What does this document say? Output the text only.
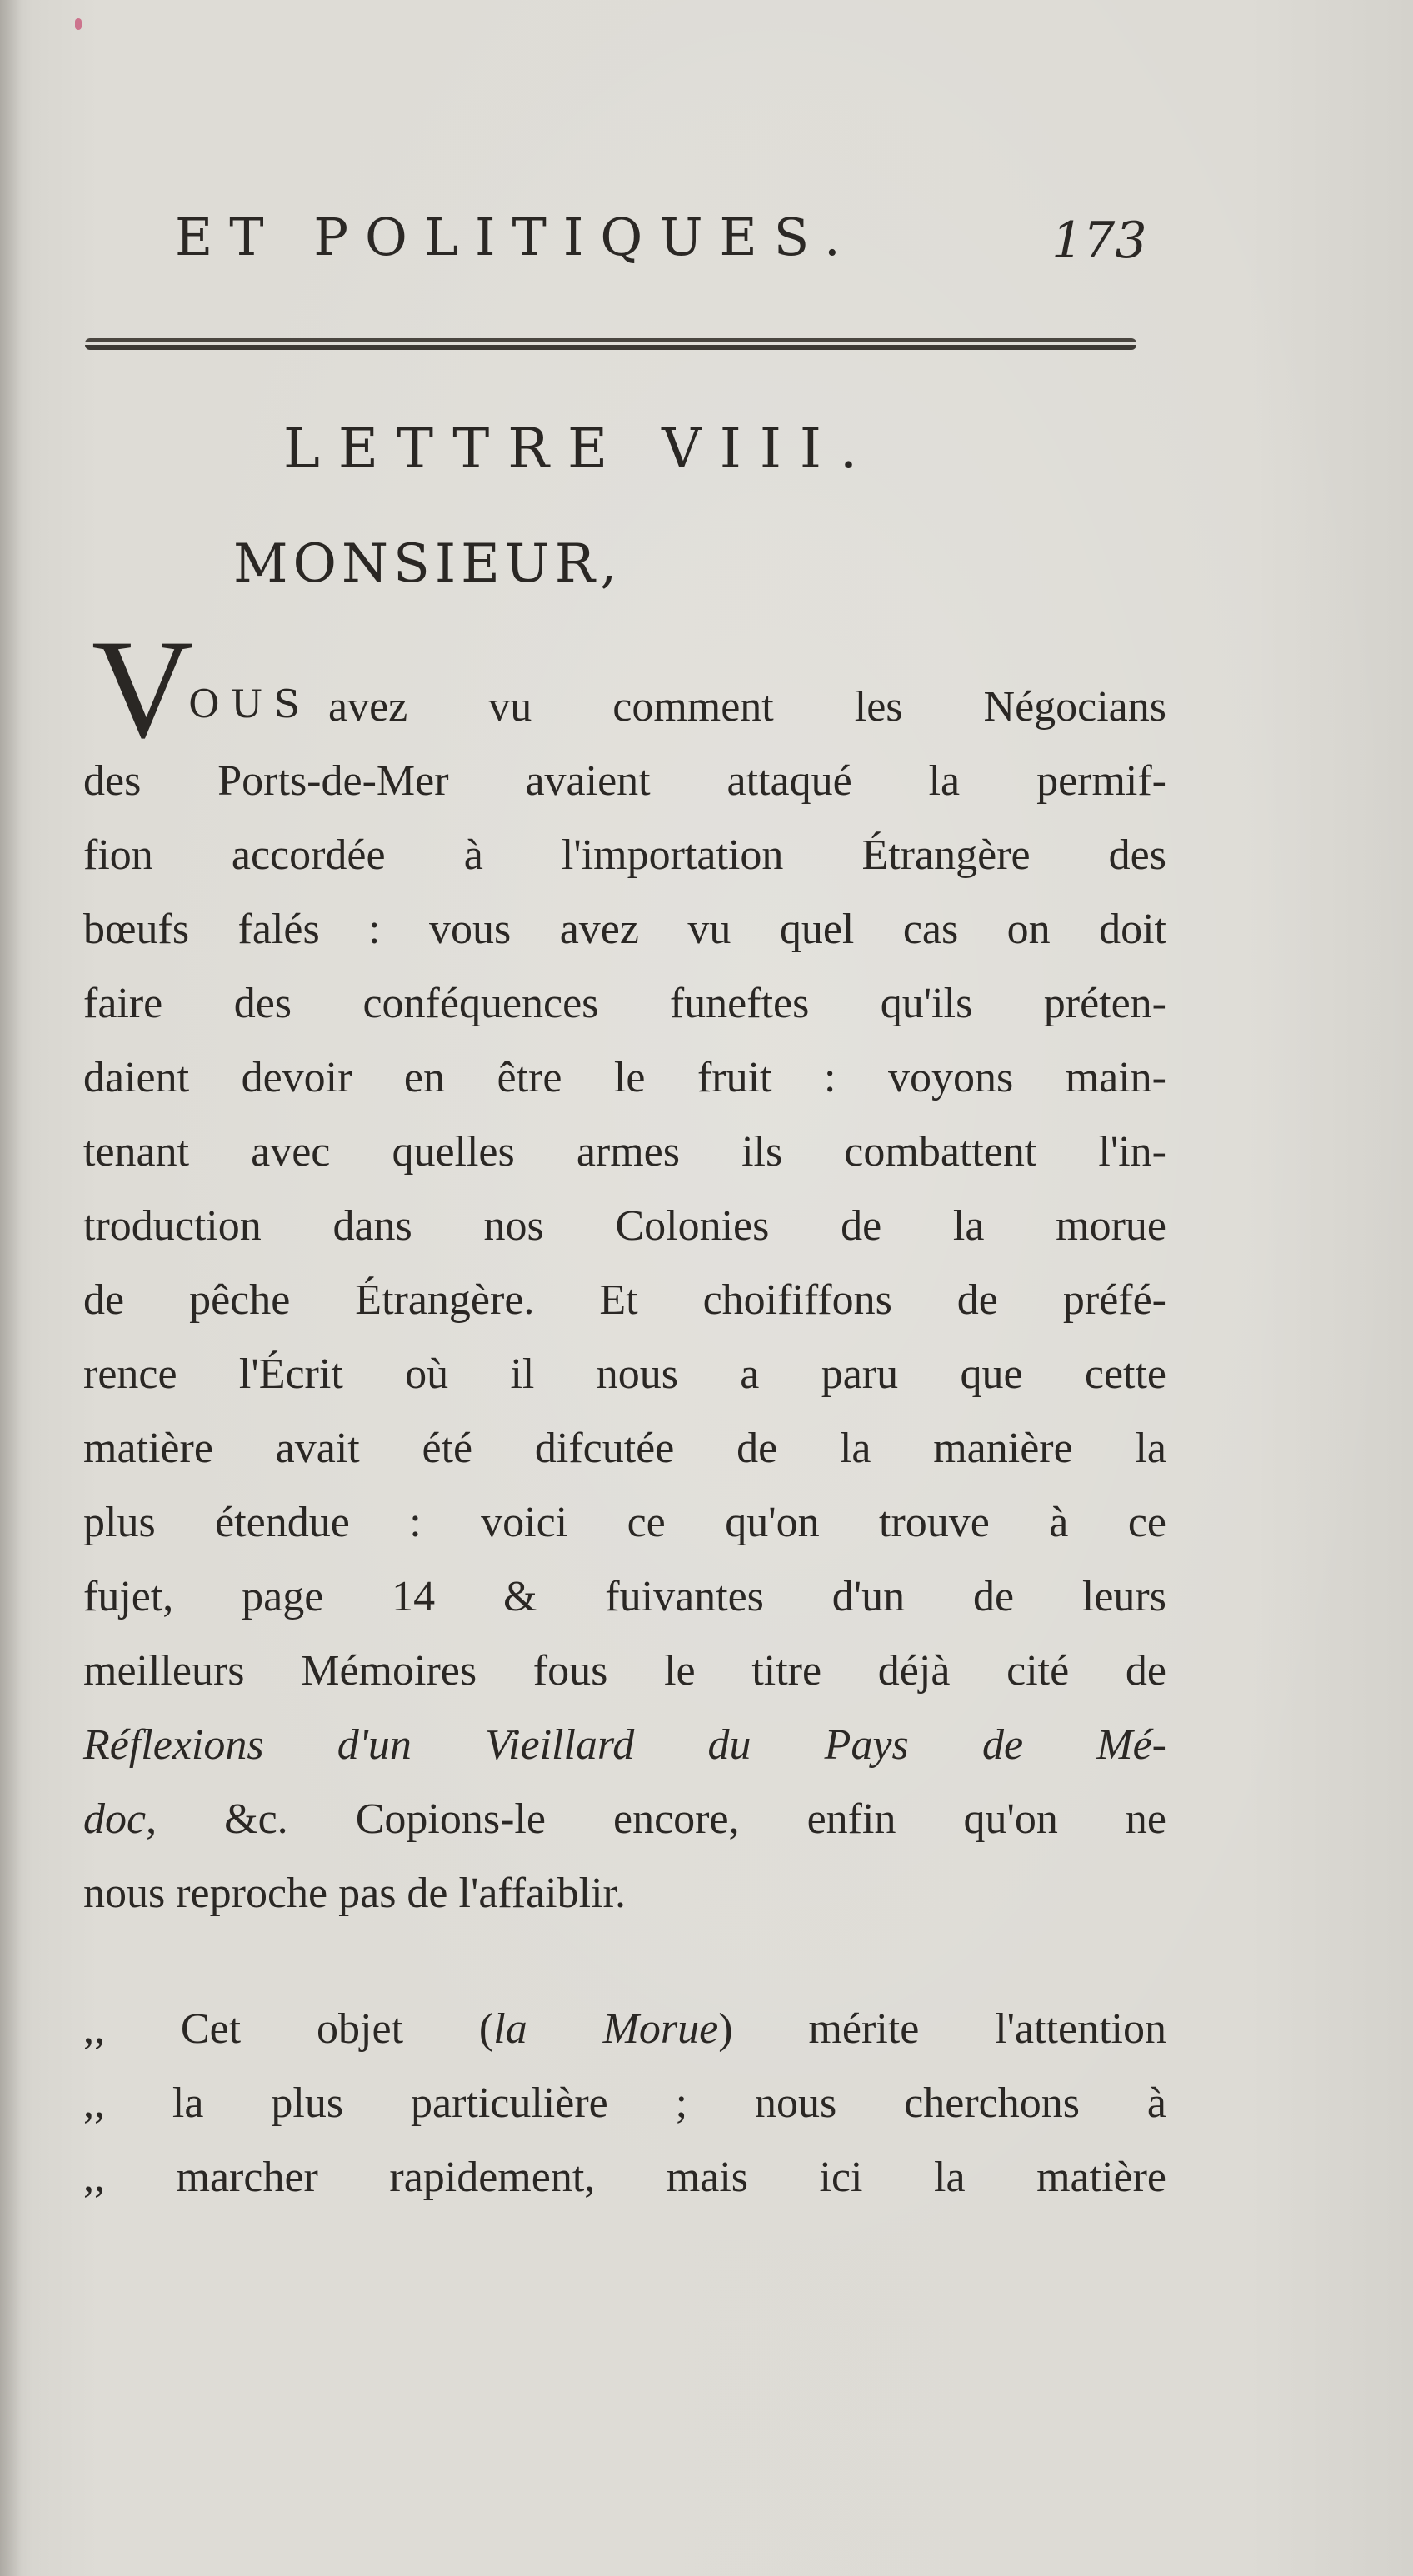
ET POLITIQUES.	173
LETTRE VIII.
MONSIEUR,
V
OUS avez vu comment les Négocians
des Ports-de-Mer avaient attaqué la permif-
fion accordée à l'importation Étrangère des
bœufs falés : vous avez vu quel cas on doit
faire des conféquences funeftes qu'ils préten-
daient devoir en être le fruit : voyons main-
tenant avec quelles armes ils combattent l'in-
troduction dans nos Colonies de la morue
de pêche Étrangère. Et choififfons de préfé-
rence l'Écrit où il nous a paru que cette
matière avait été difcutée de la manière la
plus étendue : voici ce qu'on trouve à ce
fujet, page 14 & fuivantes d'un de leurs
meilleurs Mémoires fous le titre déjà cité de
Réflexions d'un Vieillard du Pays de Mé-
doc, &c. Copions-le encore, enfin qu'on ne
nous reproche pas de l'affaiblir.
,, Cet objet (la Morue) mérite l'attention
,, la plus particulière ; nous cherchons à
,, marcher rapidement, mais ici la matière
